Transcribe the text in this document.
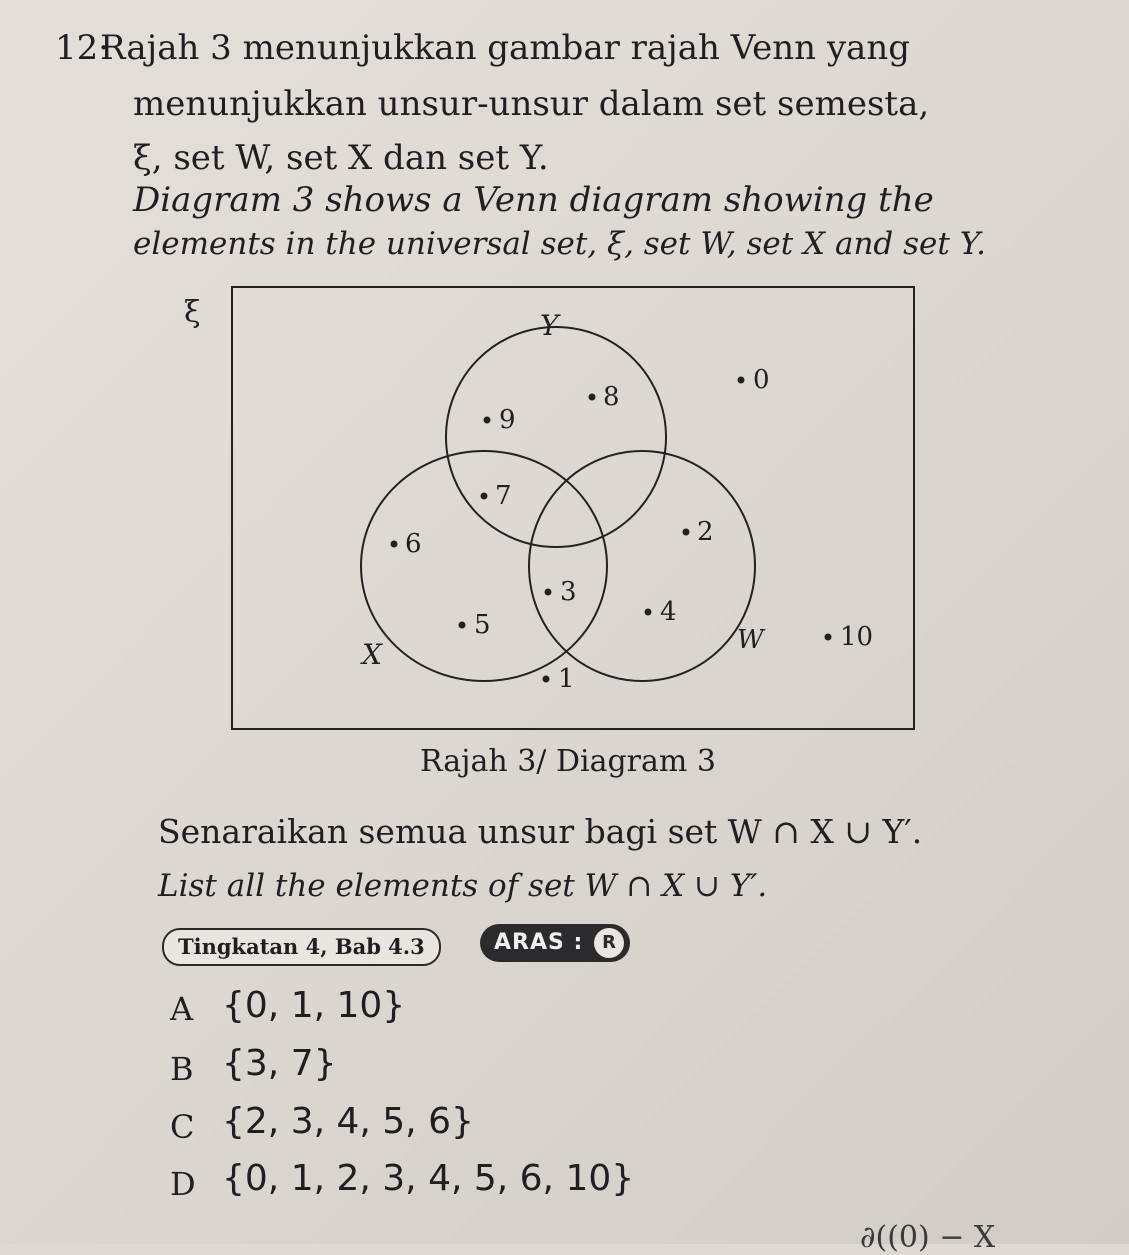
12·
Rajah 3 menunjukkan gambar rajah Venn yang
menunjukkan unsur-unsur dalam set semesta,
ξ, set W, set X dan set Y.
Diagram 3 shows a Venn diagram showing the
elements in the universal set, ξ, set W, set X and set Y.
ξ	Y
X	W
0
8
9
7
6	2
3
4
5	10
1
Rajah 3/ Diagram 3
Senaraikan semua unsur bagi set W ∩ X ∪ Y′.
List all the elements of set W ∩ X ∪ Y′.
Tingkatan 4, Bab 4.3	ARAS :	R
A {0, 1, 10}
B {3, 7}
C {2, 3, 4, 5, 6}
D {0, 1, 2, 3, 4, 5, 6, 10}
∂((0) − X
